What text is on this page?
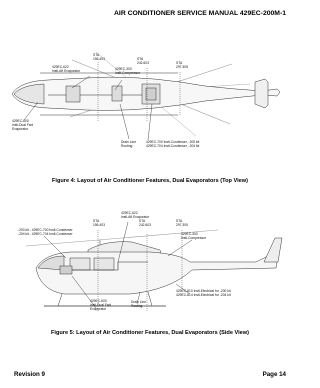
AIR CONDITIONER SERVICE MANUAL 429EC-200M-1
STA
156.403	STA
242.603	STA
297.305
429EC-622
Instl-Aft Evaporator	429EC-300
Instl-Compressor
429EC-600
Instl-Dual Fwd
Evaporator
Drain Line
Routing
429EC-700 Instl-Condenser, -200 kit
429EC-704 Instl-Condenser, -204 kit
Figure 4: Layout of Air Conditioner Features, Dual Evaporators (Top View)
429EC-622
Instl-Aft Evaporator
STA
156.403
STA
242.603
STA
297.305
-200 kit - 429EC-700 Instl-Condenser
-204 kit - 429EC-704 Instl-Condenser	429EC-300
Instl-Compressor
429EC-810 Instl-Electrical for -200 kit
429EC-814 Instl-Electrical for -204 kit
429EC-600
Instl-Dual Fwd
Evaporator
Drain Line
Routing
Figure 5: Layout of Air Conditioner Features, Dual Evaporators (Side View)
Revision 9	Page 14
